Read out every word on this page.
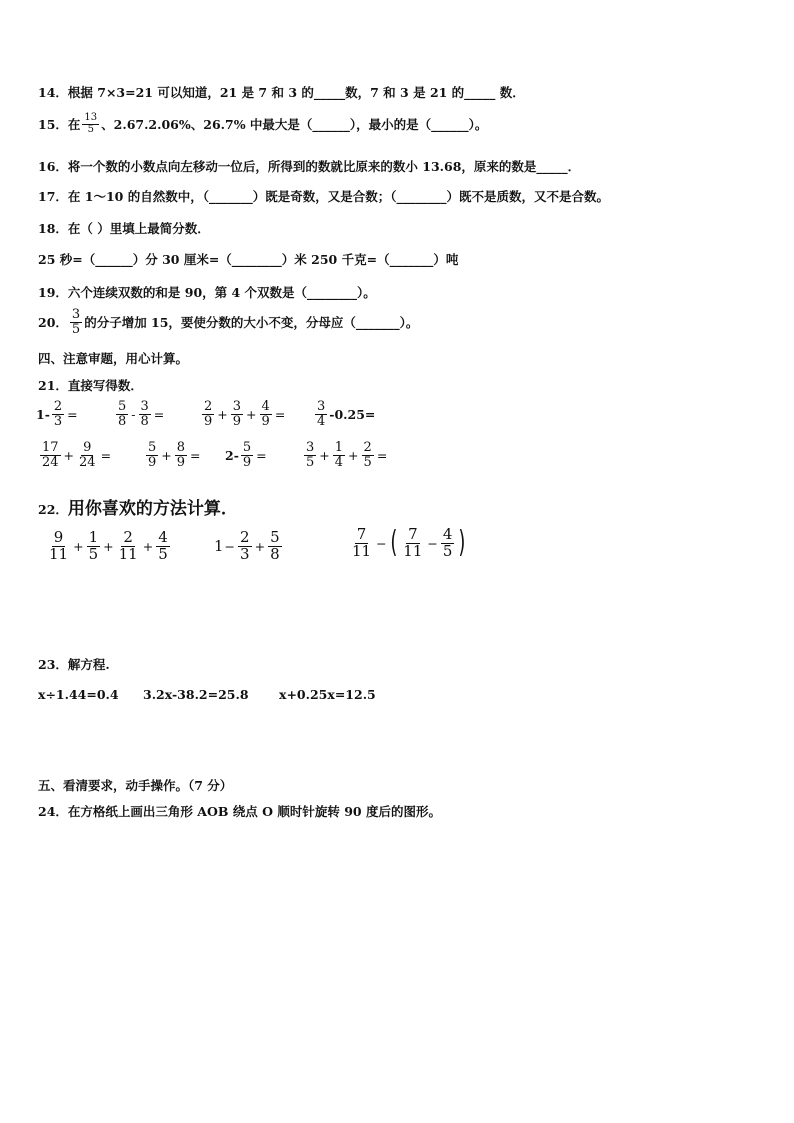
14．根据 7×3=21 可以知道，21 是 7 和 3 的_____数，7 和 3 是 21 的_____ 数．
15．在 $\frac{13}{5}$ 、2.67.2.06%、26.7% 中最大是（______），最小的是（______）。
16．将一个数的小数点向左移动一位后，所得到的数就比原来的数小 13.68，原来的数是_____．
17．在 1～10 的自然数中，（_______）既是奇数，又是合数；（________）既不是质数，又不是合数。
18．在（ ）里填上最简分数．
25 秒=（______）分 30 厘米=（________）米 250 千克=（_______）吨
19．六个连续双数的和是 90，第 4 个双数是（________）。
20． $\frac{3}{5}$ 的分子增加 15，要使分数的大小不变，分母应（_______）。
四、注意审题，用心计算。
21．直接写得数．
$1- \frac{2}{3}$ =	$\frac{5}{8} - \frac{3}{8}$ =	$\frac{2}{9} + \frac{3}{9} + \frac{4}{9} = \frac{3}{4} -0.25=$
$\frac{17}{24} + \frac{9}{24}$ =	$\frac{5}{9} + \frac{8}{9} = 2- \frac{5}{9}$ =	$\frac{3}{5} + \frac{1}{4} + \frac{2}{5}$ =
22．用你喜欢的方法计算．
$\frac{9}{11} + \frac{1}{5} + \frac{2}{11} + \frac{4}{5}$	$1 - \frac{2}{3} + \frac{5}{8}$	$\frac{7}{11}$ − ( $\frac{7}{11} - \frac{4}{5}$ )
23．解方程.
x÷1.44=0.4 3.2x-38.2=25.8 x+0.25x=12.5
五、看清要求，动手操作。（7 分）
24．在方格纸上画出三角形 AOB 绕点 O 顺时针旋转 90 度后的图形。
